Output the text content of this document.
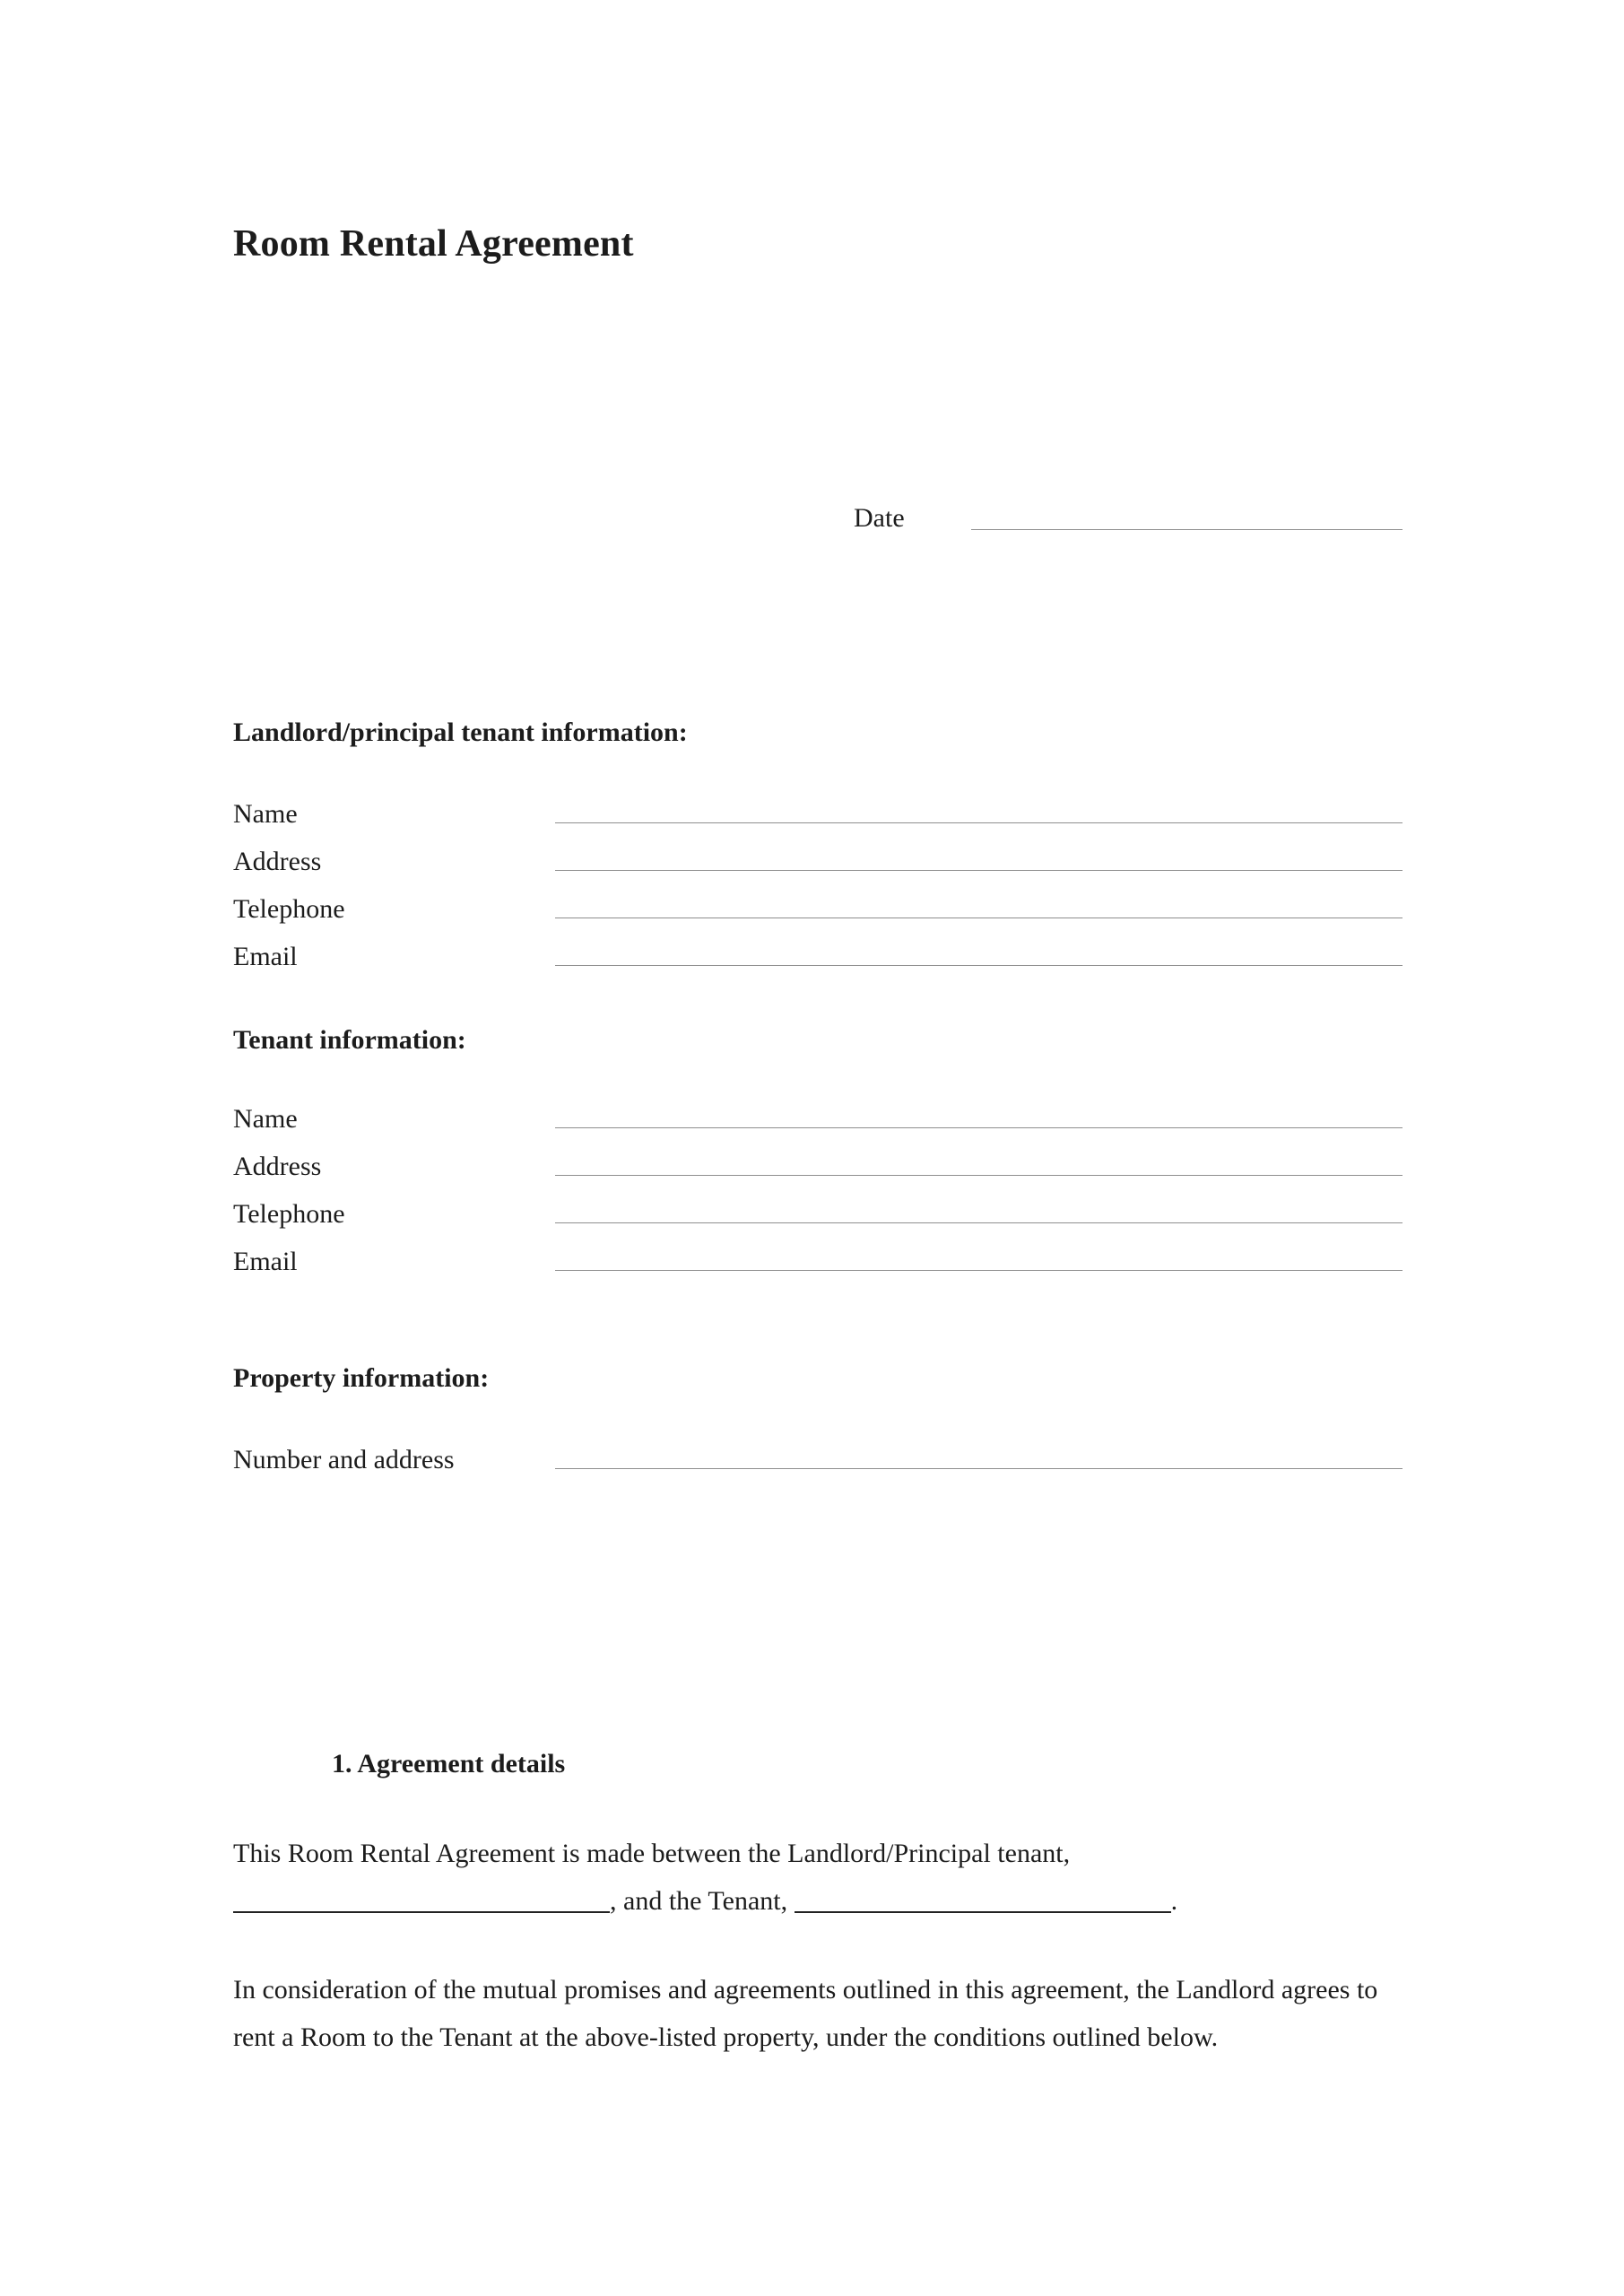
Room Rental Agreement
Date
Landlord/principal tenant information:
Name
Address
Telephone
Email
Tenant information:
Name
Address
Telephone
Email
Property information:
Number and address
1. Agreement details
This Room Rental Agreement is made between the Landlord/Principal tenant, , and the Tenant,	.
In consideration of the mutual promises and agreements outlined in this agreement, the Landlord agrees to rent a Room to the Tenant at the above-listed property, under the conditions outlined below.
